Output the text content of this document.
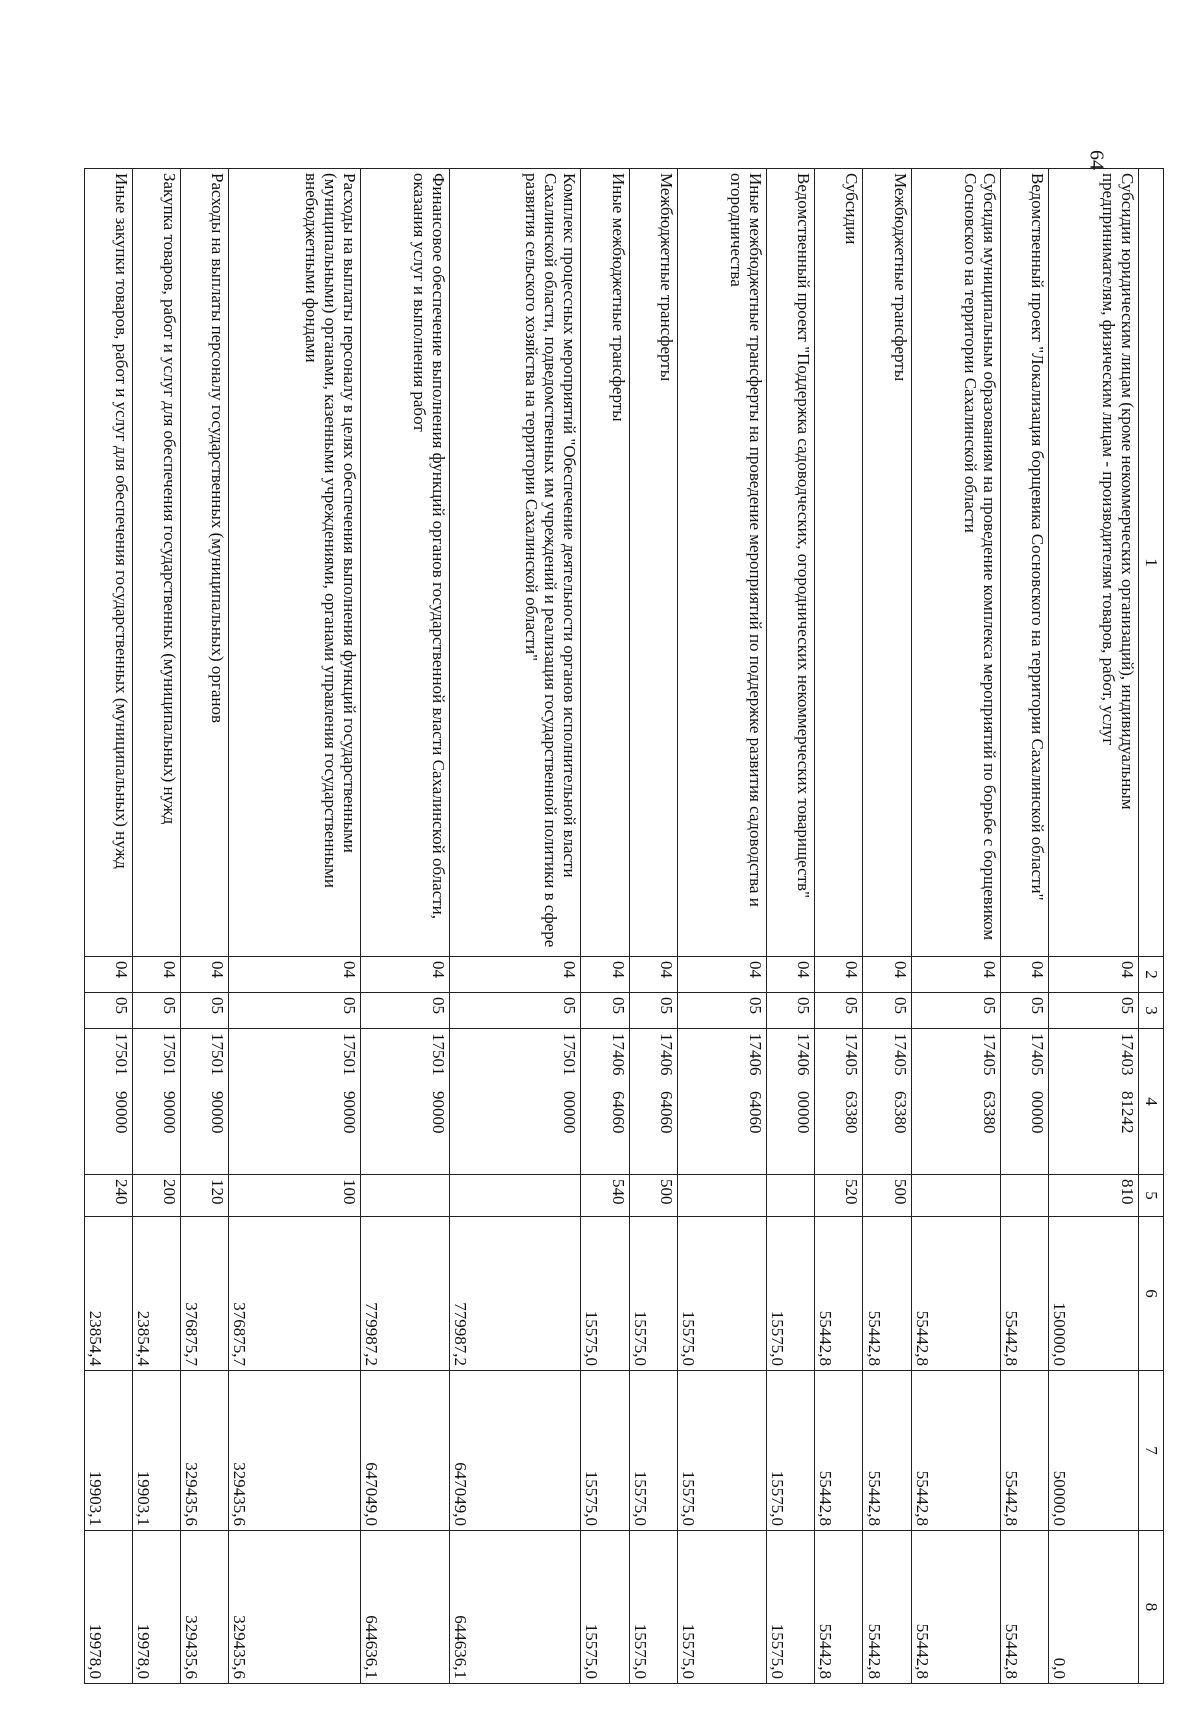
64
1	2	3	4	5	6	7	8
Субсидии юридическим лицам (кроме некоммерческих организаций), индивидуальным предпринимателям, физическим лицам - производителям товаров, работ, услуг	04	05	1740381242	810	150000,0	50000,0	0,0
Ведомственный проект "Локализация борщевика Сосновского на территории Сахалинской области"	04	05	1740500000		55442,8	55442,8	55442,8
Субсидия муниципальным образованиям на проведение комплекса мероприятий по борьбе с борщевиком Сосновского на территории Сахалинской области	04	05	1740563380		55442,8	55442,8	55442,8
Межбюджетные трансферты	04	05	1740563380	500	55442,8	55442,8	55442,8
Субсидии	04	05	1740563380	520	55442,8	55442,8	55442,8
Ведомственный проект "Поддержка садоводческих, огороднических некоммерческих товариществ"	04	05	1740600000		15575,0	15575,0	15575,0
Иные межбюджетные трансферты на проведение мероприятий по поддержке развития садоводства и огородничества	04	05	1740664060		15575,0	15575,0	15575,0
Межбюджетные трансферты	04	05	1740664060	500	15575,0	15575,0	15575,0
Иные межбюджетные трансферты	04	05	1740664060	540	15575,0	15575,0	15575,0
Комплекс процессных мероприятий "Обеспечение деятельности органов исполнительной власти Сахалинской области, подведомственных им учреждений и реализация государственной политики в сфере развития сельского хозяйства на территории Сахалинской области"	04	05	1750100000		779987,2	647049,0	644636,1
Финансовое обеспечение выполнения функций органов государственной власти Сахалинской области, оказания услуг и выполнения работ	04	05	1750190000		779987,2	647049,0	644636,1
Расходы на выплаты персоналу в целях обеспечения выполнения функций государственными (муниципальными) органами, казенными учреждениями, органами управления государственными внебюджетными фондами	04	05	1750190000	100	376875,7	329435,6	329435,6
Расходы на выплаты персоналу государственных (муниципальных) органов	04	05	1750190000	120	376875,7	329435,6	329435,6
Закупка товаров, работ и услуг для обеспечения государственных (муниципальных) нужд	04	05	1750190000	200	23854,4	19903,1	19978,0
Иные закупки товаров, работ и услуг для обеспечения государственных (муниципальных) нужд	04	05	1750190000	240	23854,4	19903,1	19978,0
